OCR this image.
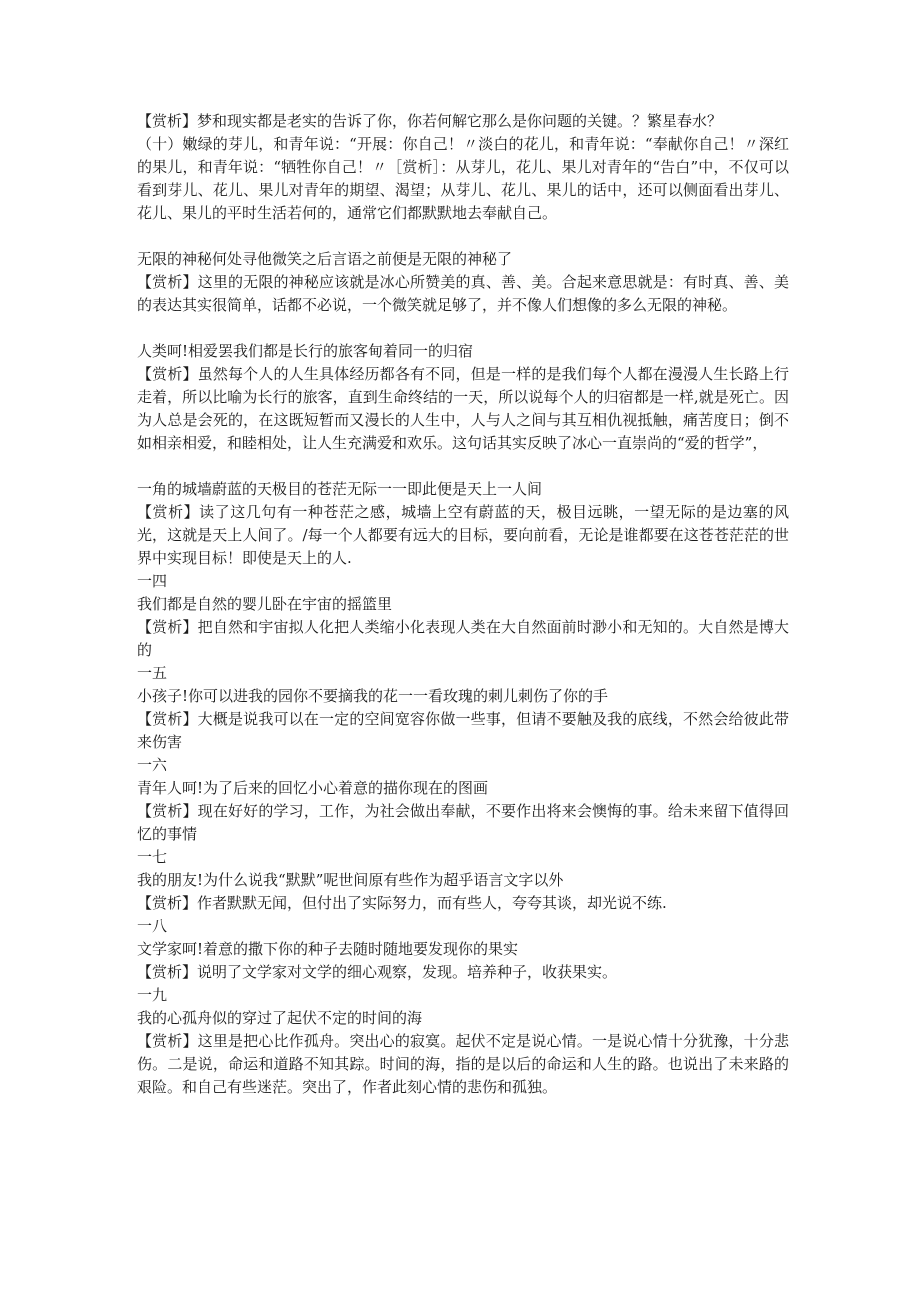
【赏析】梦和现实都是老实的告诉了你，你若何解它那么是你问题的关键。？繁星春水？

（十）嫩绿的芽儿，和青年说：“开展：你自己！〃淡白的花儿，和青年说：“奉献你自己！〃深红的果儿，和青年说：“牺牲你自己！〃［赏析］：从芽儿，花儿、果儿对青年的“告白”中，不仅可以看到芽儿、花儿、果儿对青年的期望、渴望；从芽儿、花儿、果儿的话中，还可以侧面看出芽儿、花儿、果儿的平时生活若何的，通常它们都默默地去奉献自己。

无限的神秘何处寻他微笑之后言语之前便是无限的神秘了

【赏析】这里的无限的神秘应该就是冰心所赞美的真、善、美。合起来意思就是：有时真、善、美的表达其实很简单，话都不必说，一个微笑就足够了，并不像人们想像的多么无限的神秘。

人类呵!相爱罢我们都是长行的旅客甸着同一的归宿

【赏析】虽然每个人的人生具体经历都各有不同，但是一样的是我们每个人都在漫漫人生长路上行走着，所以比喻为长行的旅客，直到生命终结的一天，所以说每个人的归宿都是一样,就是死亡。因为人总是会死的，在这既短暂而又漫长的人生中，人与人之间与其互相仇视抵触，痛苦度日；倒不如相亲相爱，和睦相处，让人生充满爱和欢乐。这句话其实反映了冰心一直崇尚的“爱的哲学”，

一角的城墙蔚蓝的天极目的苍茫无际一一即此便是天上一人间

【赏析】读了这几句有一种苍茫之感，城墙上空有蔚蓝的天，极目远眺，一望无际的是边塞的风光，这就是天上人间了。/每一个人都要有远大的目标，要向前看，无论是谁都要在这苍苍茫茫的世界中实现目标！即使是天上的人.

一四

我们都是自然的婴儿卧在宇宙的摇篮里

【赏析】把自然和宇宙拟人化把人类缩小化表现人类在大自然面前时渺小和无知的。大自然是博大的

一五

小孩子!你可以进我的园你不要摘我的花一一看玫瑰的刺儿刺伤了你的手

【赏析】大概是说我可以在一定的空间宽容你做一些事，但请不要触及我的底线，不然会给彼此带来伤害

一六

青年人呵!为了后来的回忆小心着意的描你现在的图画

【赏析】现在好好的学习，工作，为社会做出奉献，不要作出将来会懊悔的事。给未来留下值得回忆的事情

一七

我的朋友!为什么说我“默默”呢世间原有些作为超乎语言文字以外

【赏析】作者默默无闻，但付出了实际努力，而有些人，夸夸其谈，却光说不练.

一八

文学家呵!着意的撒下你的种子去随时随地要发现你的果实

【赏析】说明了文学家对文学的细心观察，发现。培养种子，收获果实。

一九

我的心孤舟似的穿过了起伏不定的时间的海

【赏析】这里是把心比作孤舟。突出心的寂寞。起伏不定是说心情。一是说心情十分犹豫，十分悲伤。二是说，命运和道路不知其踪。时间的海，指的是以后的命运和人生的路。也说出了未来路的艰险。和自己有些迷茫。突出了，作者此刻心情的悲伤和孤独。
